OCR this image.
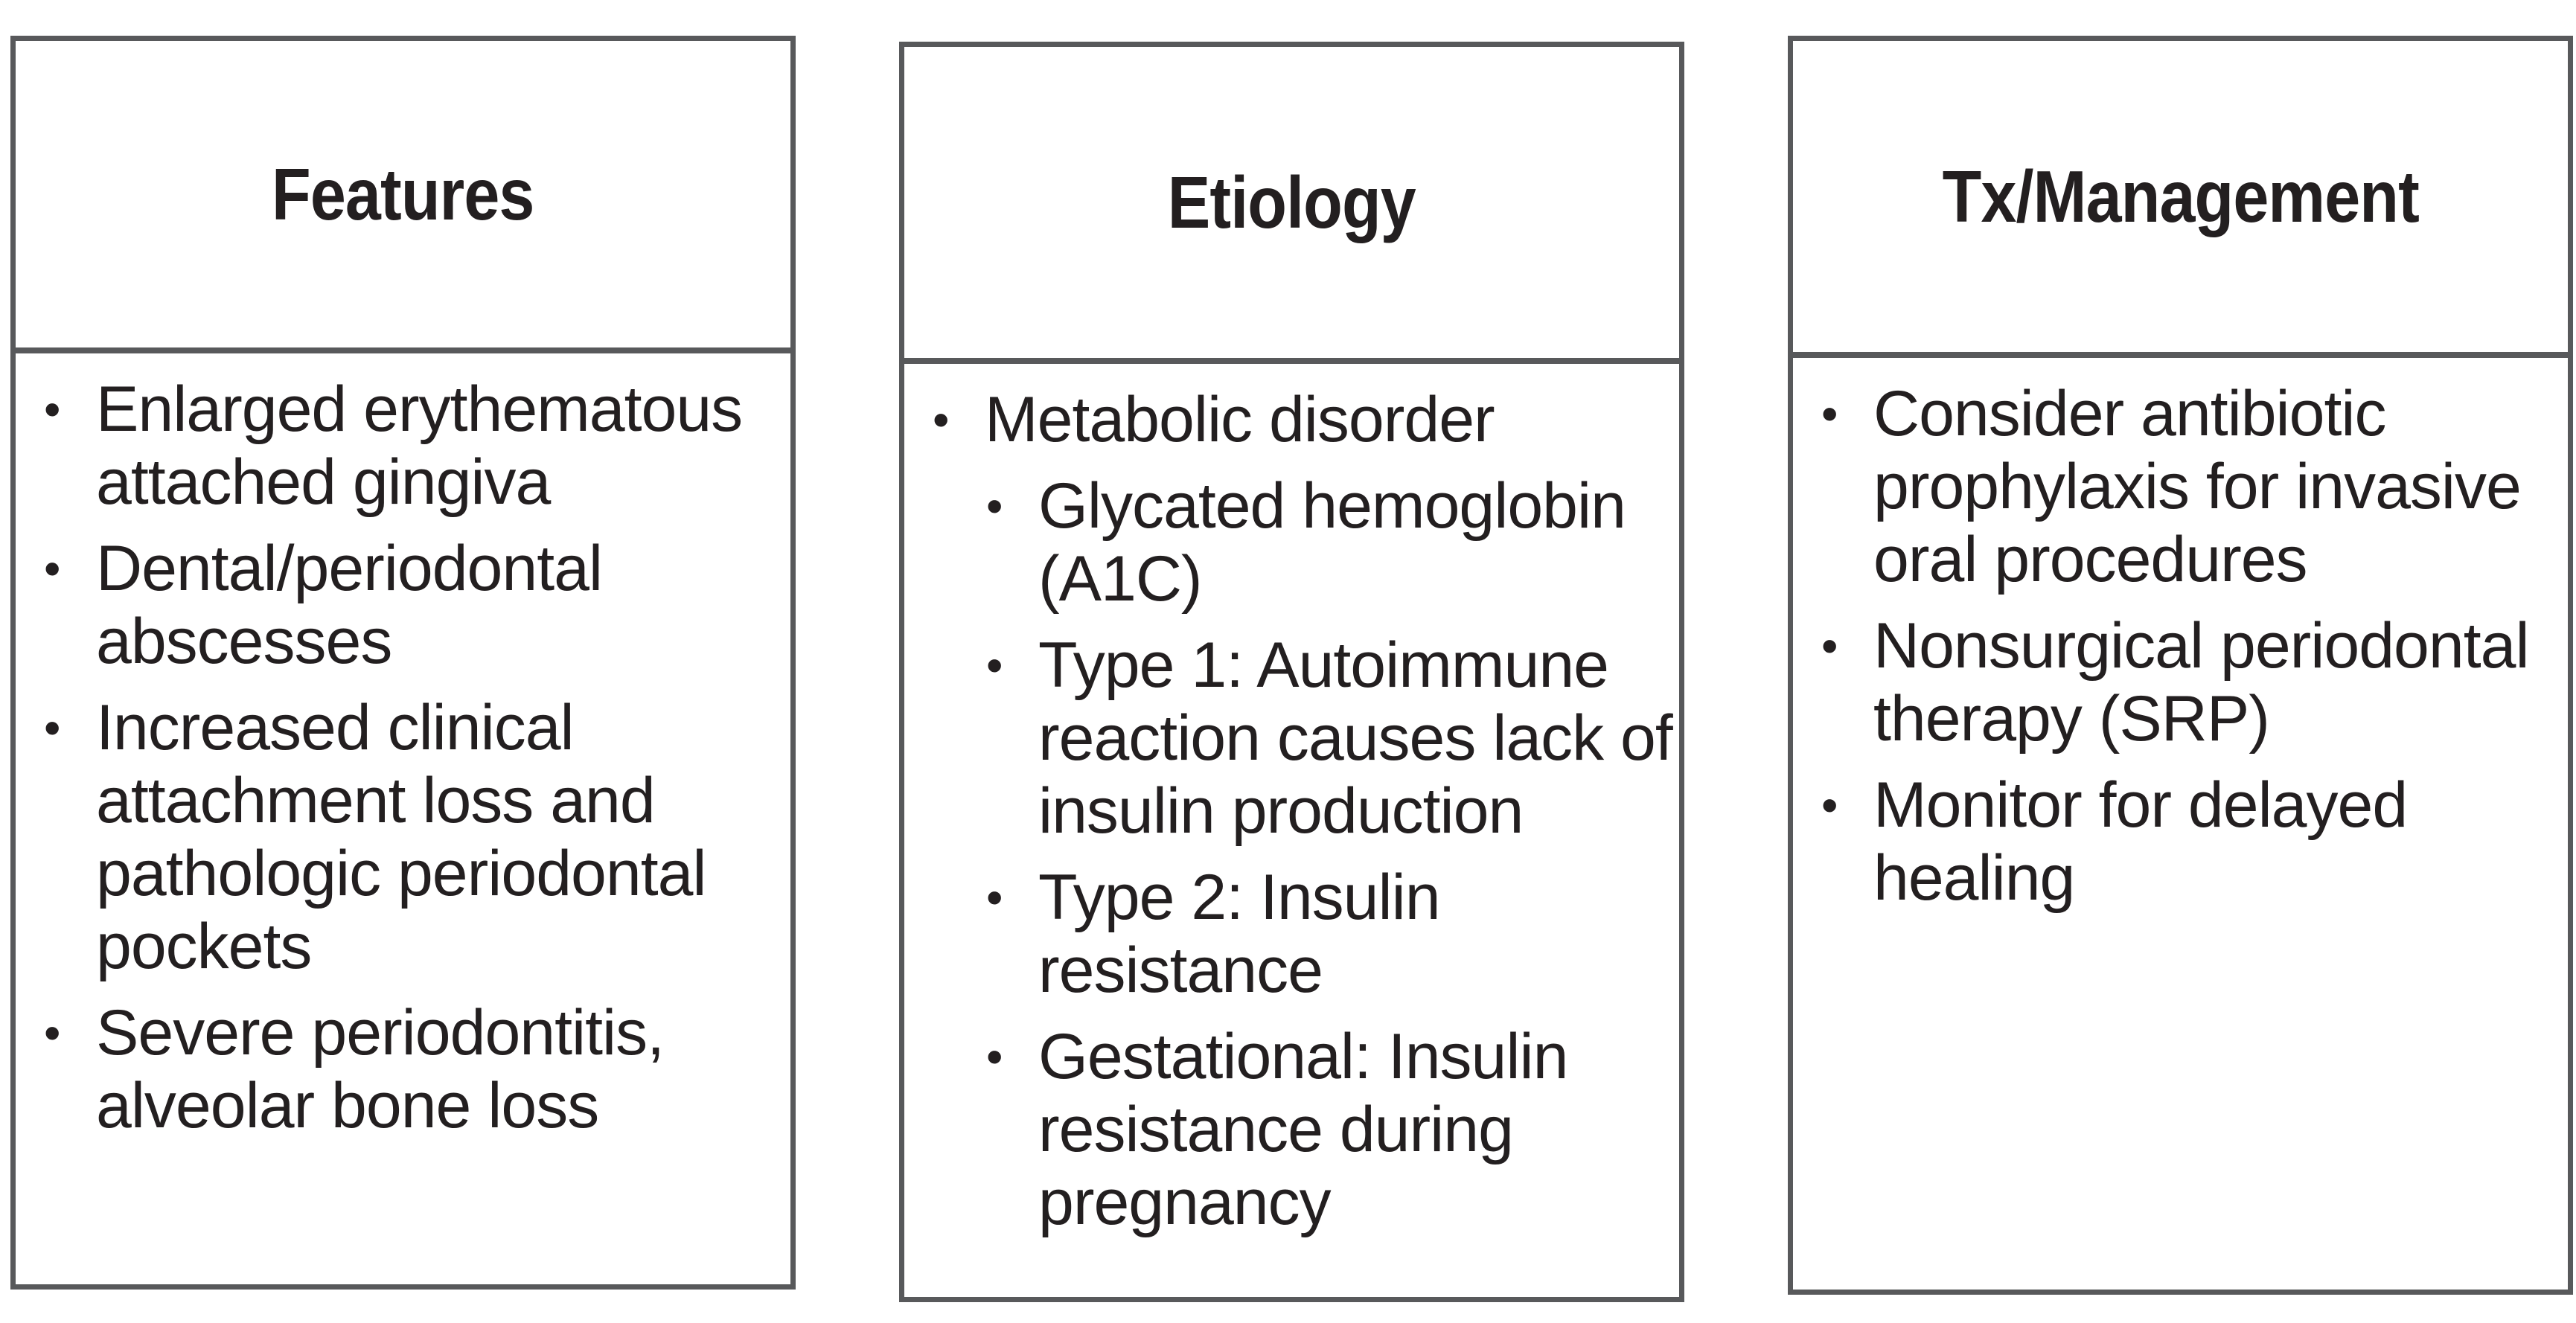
Features
• Enlarged erythematous
attached gingiva
• Dental/periodontal
abscesses
• Increased clinical
attachment loss and
pathologic periodontal
pockets
• Severe periodontitis,
alveolar bone loss
Etiology
• Metabolic disorder
• Glycated hemoglobin
(A1C)
• Type 1: Autoimmune
reaction causes lack of
insulin production
• Type 2: Insulin
resistance
• Gestational: Insulin
resistance during
pregnancy
Tx/Management
• Consider antibiotic
prophylaxis for invasive
oral procedures
• Nonsurgical periodontal
therapy (SRP)
• Monitor for delayed
healing
